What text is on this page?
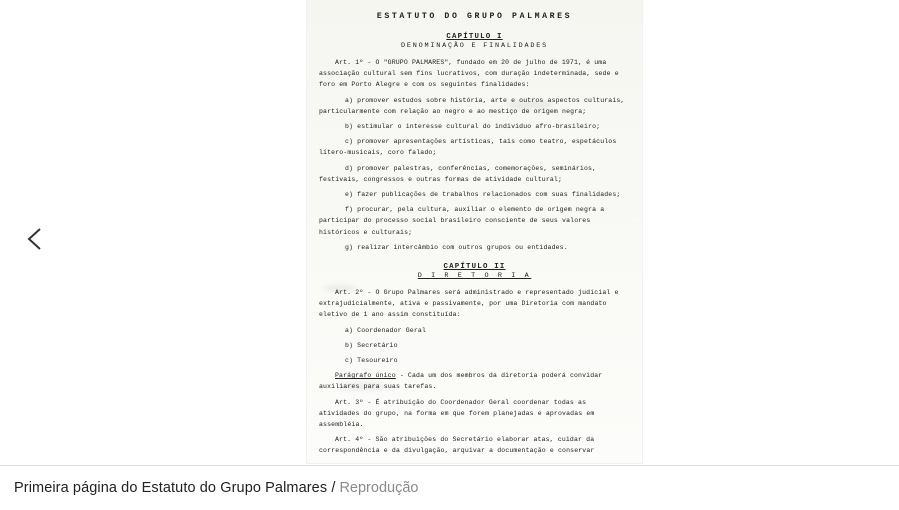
ESTATUTO DO GRUPO PALMARES
CAPÍTULO I
DENOMINAÇÃO E FINALIDADES

Art. 1º - O "GRUPO PALMARES", fundado em 20 de julho de 1971, é uma associação cultural sem fins lucrativos, com duração indeterminada, sede e foro em Porto Alegre e com os seguintes finalidades:

a) promover estudos sobre história, arte e outros aspectos culturais, particularmente com relação ao negro e ao mestiço de origem negra;

b) estimular o interesse cultural do indivíduo afro-brasileiro;

c) promover apresentações artísticas, tais como teatro, espetáculos lítero-musicais, coro falado;

d) promover palestras, conferências, comemorações, seminários, festivais, congressos e outras formas de atividade cultural;

e) fazer publicações de trabalhos relacionados com suas finalidades;

f) procurar, pela cultura, auxiliar o elemento de origem negra a participar do processo social brasileiro consciente de seus valores históricos e culturais;

g) realizar intercâmbio com outros grupos ou entidades.

CAPÍTULO II
D I R E T O R I A

Art. 2º - O Grupo Palmares será administrado e representado judicial e extrajudicialmente, ativa e passivamente, por uma Diretoria com mandato eletivo de 1 ano assim constituída:

a) Coordenador Geral

b) Secretário

c) Tesoureiro

Parágrafo único - Cada um dos membros da diretoria poderá convidar auxiliares para suas tarefas.

Art. 3º - É atribuição do Coordenador Geral coordenar todas as atividades do grupo, na forma em que forem planejadas e aprovadas em assembléia.

Art. 4º - São atribuições do Secretário elaborar atas, cuidar da correspondência e da divulgação, arquivar a documentação e conservar

Primeira página do Estatuto do Grupo Palmares / Reprodução
